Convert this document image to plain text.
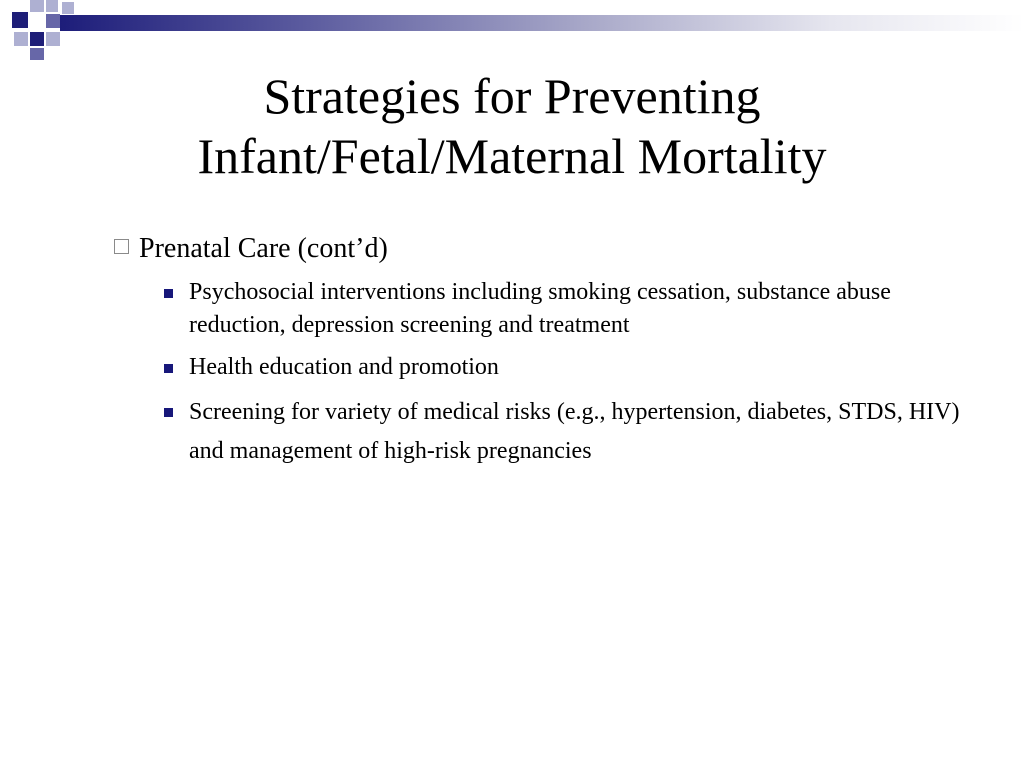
Strategies for Preventing
Infant/Fetal/Maternal Mortality
Prenatal Care (cont’d)
Psychosocial interventions including smoking cessation, substance abuse reduction, depression screening and treatment
Health education and promotion
Screening for variety of medical risks (e.g., hypertension, diabetes, STDS, HIV) and management of high-risk pregnancies
